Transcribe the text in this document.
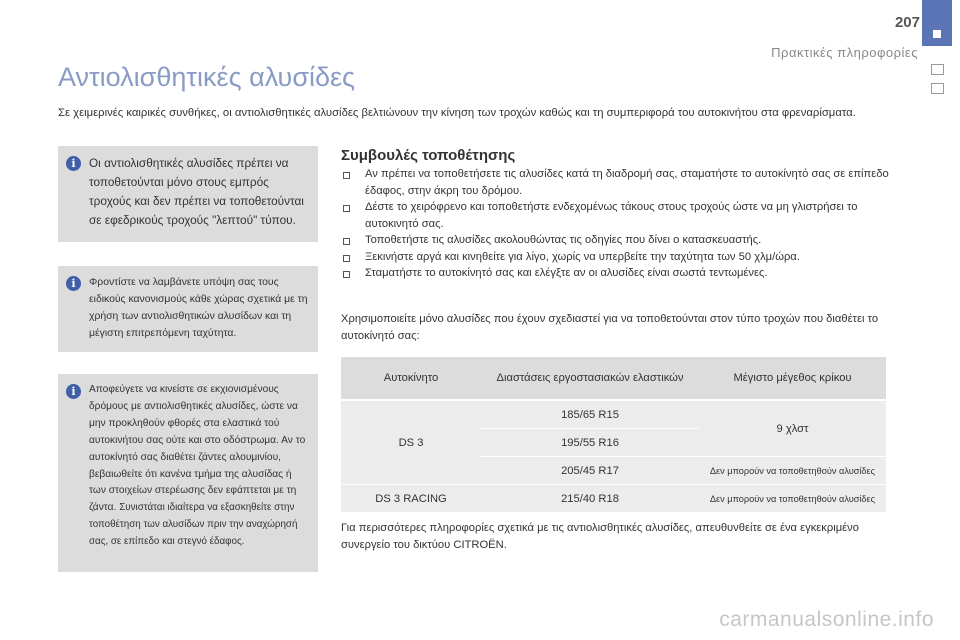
207
Πρακτικές πληροφορίες
Αντιολισθητικές αλυσίδες

Σε χειμερινές καιρικές συνθήκες, οι αντιολισθητικές αλυσίδες βελτιώνουν την κίνηση των τροχών καθώς και τη συμπεριφορά του αυτοκινήτου στα φρεναρίσματα.

i	Οι αντιολισθητικές αλυσίδες πρέπει να τοποθετούνται μόνο στους εμπρός τροχούς και δεν πρέπει να τοποθετούνται σε εφεδρικούς τροχούς "λεπτού" τύπου.

i	Φροντίστε να λαμβάνετε υπόψη σας τους ειδικούς κανονισμούς κάθε χώρας σχετικά με τη χρήση των αντιολισθητικών αλυσίδων και τη μέγιστη επιτρεπόμενη ταχύτητα.

i	Αποφεύγετε να κινείστε σε εκχιονισμένους δρόμους με αντιολισθητικές αλυσίδες, ώστε να μην προκληθούν φθορές στα ελαστικά τού αυτοκινήτου σας ούτε και στο οδόστρωμα. Αν το αυτοκίνητό σας διαθέτει ζάντες αλουμινίου, βεβαιωθείτε ότι κανένα τμήμα της αλυσίδας ή των στοιχείων στερέωσης δεν εφάπτεται με τη ζάντα. Συνιστάται ιδιαίτερα να εξασκηθείτε στην τοποθέτηση των αλυσίδων πριν την αναχώρησή σας, σε επίπεδο και στεγνό έδαφος.

Συμβουλές τοποθέτησης
Αν πρέπει να τοποθετήσετε τις αλυσίδες κατά τη διαδρομή σας, σταματήστε το αυτοκίνητό σας σε επίπεδο έδαφος, στην άκρη του δρόμου.
Δέστε το χειρόφρενο και τοποθετήστε ενδεχομένως τάκους στους τροχούς ώστε να μη γλιστρήσει το αυτοκινητό σας.
Τοποθετήστε τις αλυσίδες ακολουθώντας τις οδηγίες που δίνει ο κατασκευαστής.
Ξεκινήστε αργά και κινηθείτε για λίγο, χωρίς να υπερβείτε την ταχύτητα των 50 χλμ/ώρα.
Σταματήστε το αυτοκίνητό σας και ελέγξτε αν οι αλυσίδες είναι σωστά τεντωμένες.

Χρησιμοποιείτε μόνο αλυσίδες που έχουν σχεδιαστεί για να τοποθετούνται στον τύπο τροχών που διαθέτει το αυτοκίνητό σας:

Αυτοκίνητο	Διαστάσεις εργοστασιακών ελαστικών	Μέγιστο μέγεθος κρίκου
DS 3	185/65 R15	9 χλστ
	195/55 R16	
	205/45 R17	Δεν μπορούν να τοποθετηθούν αλυσίδες
DS 3 RACING	215/40 R18	Δεν μπορούν να τοποθετηθούν αλυσίδες

Για περισσότερες πληροφορίες σχετικά με τις αντιολισθητικές αλυσίδες, απευθυνθείτε σε ένα εγκεκριμένο συνεργείο του δικτύου CITROËN.

carmanualsonline.info
